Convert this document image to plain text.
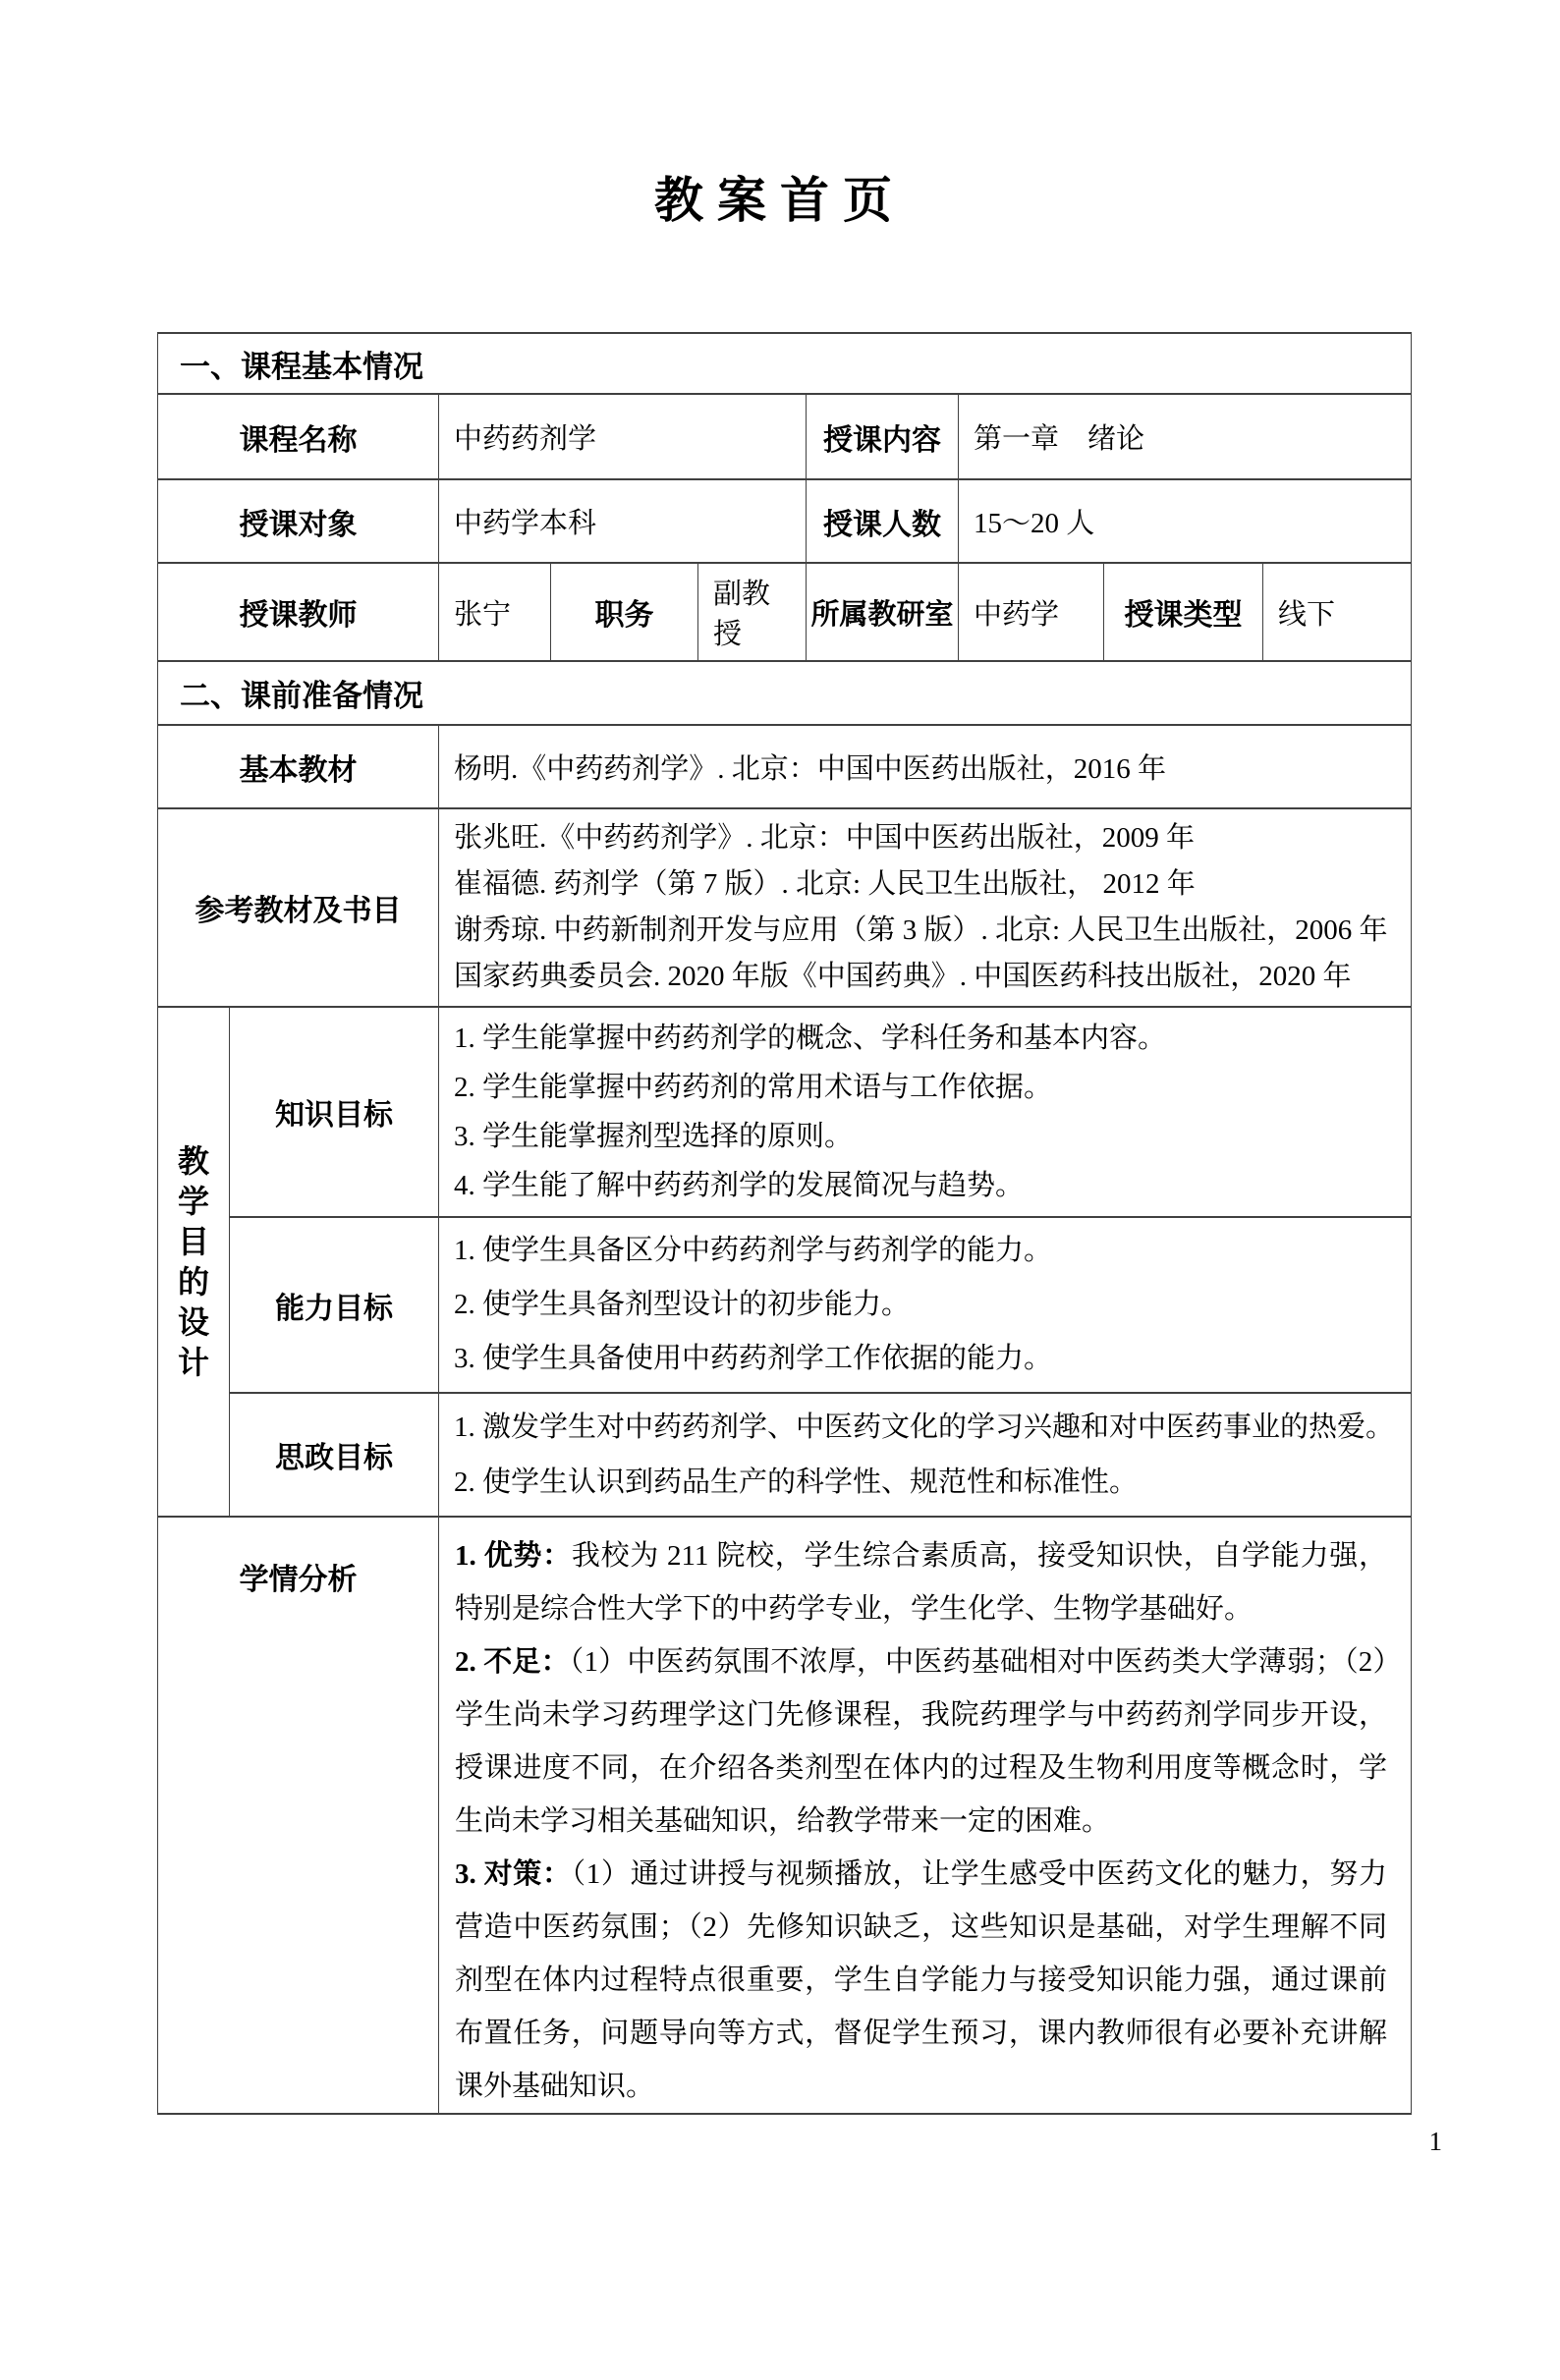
教案首页
一、课程基本情况								
课程名称		中药药剂学			授课内容	第一章　绪论		
授课对象		中药学本科			授课人数	15～20 人		
授课教师		张宁	职务	副教授	所属教研室	中药学	授课类型	线下
二、课前准备情况								
基本教材		杨明.《中药药剂学》. 北京：中国中医药出版社，2016 年						
参考教材及书目		张兆旺.《中药药剂学》. 北京：中国中医药出版社，2009 年
崔福德. 药剂学（第 7 版）. 北京: 人民卫生出版社， 2012 年
谢秀琼. 中药新制剂开发与应用（第 3 版）. 北京: 人民卫生出版社，2006 年
国家药典委员会. 2020 年版《中国药典》. 中国医药科技出版社，2020 年						

教学目的设计	知识目标	1. 学生能掌握中药药剂学的概念、学科任务和基本内容。
2. 学生能掌握中药药剂的常用术语与工作依据。
3. 学生能掌握剂型选择的原则。
4. 学生能了解中药药剂学的发展简况与趋势。						

	能力目标	1. 使学生具备区分中药药剂学与药剂学的能力。
2. 使学生具备剂型设计的初步能力。
3. 使学生具备使用中药药剂学工作依据的能力。						

	思政目标	1. 激发学生对中药药剂学、中医药文化的学习兴趣和对中医药事业的热爱。
2. 使学生认识到药品生产的科学性、规范性和标准性。						

学情分析		1. 优势：我校为 211 院校，学生综合素质高，接受知识快，自学能力强，特别是综合性大学下的中药学专业，学生化学、生物学基础好。

2. 不足：（1）中医药氛围不浓厚，中医药基础相对中医药类大学薄弱；（2）学生尚未学习药理学这门先修课程，我院药理学与中药药剂学同步开设，授课进度不同，在介绍各类剂型在体内的过程及生物利用度等概念时，学生尚未学习相关基础知识，给教学带来一定的困难。

3. 对策：（1）通过讲授与视频播放，让学生感受中医药文化的魅力，努力营造中医药氛围；（2）先修知识缺乏，这些知识是基础，对学生理解不同剂型在体内过程特点很重要，学生自学能力与接受知识能力强，通过课前布置任务，问题导向等方式，督促学生预习，课内教师很有必要补充讲解课外基础知识。						

1
